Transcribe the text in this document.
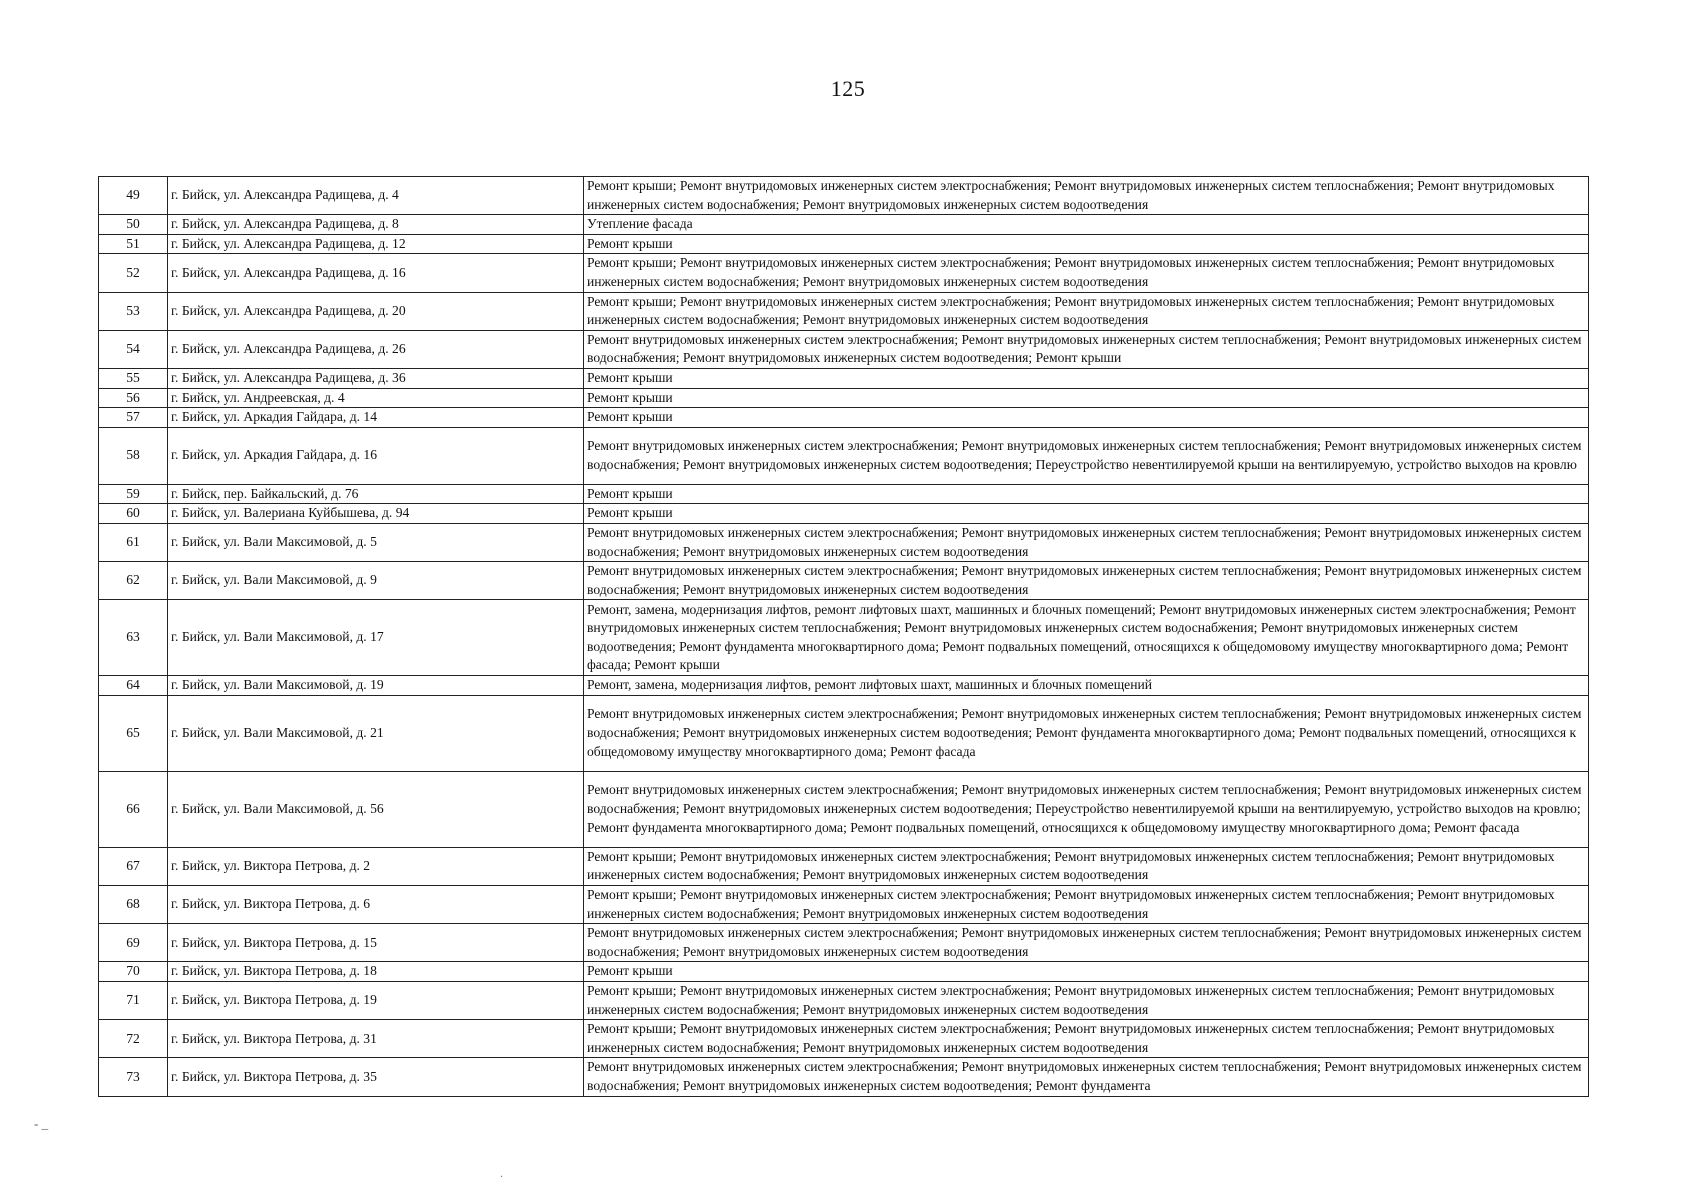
125
49	г. Бийск, ул. Александра Радищева, д. 4	Ремонт крыши; Ремонт внутридомовых инженерных систем электроснабжения; Ремонт внутридомовых инженерных систем теплоснабжения; Ремонт внутридомовых инженерных систем водоснабжения; Ремонт внутридомовых инженерных систем водоотведения
50	г. Бийск, ул. Александра Радищева, д. 8	Утепление фасада
51	г. Бийск, ул. Александра Радищева, д. 12	Ремонт крыши
52	г. Бийск, ул. Александра Радищева, д. 16	Ремонт крыши; Ремонт внутридомовых инженерных систем электроснабжения; Ремонт внутридомовых инженерных систем теплоснабжения; Ремонт внутридомовых инженерных систем водоснабжения; Ремонт внутридомовых инженерных систем водоотведения
53	г. Бийск, ул. Александра Радищева, д. 20	Ремонт крыши; Ремонт внутридомовых инженерных систем электроснабжения; Ремонт внутридомовых инженерных систем теплоснабжения; Ремонт внутридомовых инженерных систем водоснабжения; Ремонт внутридомовых инженерных систем водоотведения
54	г. Бийск, ул. Александра Радищева, д. 26	Ремонт внутридомовых инженерных систем электроснабжения; Ремонт внутридомовых инженерных систем теплоснабжения; Ремонт внутридомовых инженерных систем водоснабжения; Ремонт внутридомовых инженерных систем водоотведения; Ремонт крыши
55	г. Бийск, ул. Александра Радищева, д. 36	Ремонт крыши
56	г. Бийск, ул. Андреевская, д. 4	Ремонт крыши
57	г. Бийск, ул. Аркадия Гайдара, д. 14	Ремонт крыши
58	г. Бийск, ул. Аркадия Гайдара, д. 16	Ремонт внутридомовых инженерных систем электроснабжения; Ремонт внутридомовых инженерных систем теплоснабжения; Ремонт внутридомовых инженерных систем водоснабжения; Ремонт внутридомовых инженерных систем водоотведения; Переустройство невентилируемой крыши на вентилируемую, устройство выходов на кровлю
59	г. Бийск, пер. Байкальский, д. 76	Ремонт крыши
60	г. Бийск, ул. Валериана Куйбышева, д. 94	Ремонт крыши
61	г. Бийск, ул. Вали Максимовой, д. 5	Ремонт внутридомовых инженерных систем электроснабжения; Ремонт внутридомовых инженерных систем теплоснабжения; Ремонт внутридомовых инженерных систем водоснабжения; Ремонт внутридомовых инженерных систем водоотведения
62	г. Бийск, ул. Вали Максимовой, д. 9	Ремонт внутридомовых инженерных систем электроснабжения; Ремонт внутридомовых инженерных систем теплоснабжения; Ремонт внутридомовых инженерных систем водоснабжения; Ремонт внутридомовых инженерных систем водоотведения
63	г. Бийск, ул. Вали Максимовой, д. 17	Ремонт, замена, модернизация лифтов, ремонт лифтовых шахт, машинных и блочных помещений; Ремонт внутридомовых инженерных систем электроснабжения; Ремонт внутридомовых инженерных систем теплоснабжения; Ремонт внутридомовых инженерных систем водоснабжения; Ремонт внутридомовых инженерных систем водоотведения; Ремонт фундамента многоквартирного дома; Ремонт подвальных помещений, относящихся к общедомовому имуществу многоквартирного дома; Ремонт фасада; Ремонт крыши
64	г. Бийск, ул. Вали Максимовой, д. 19	Ремонт, замена, модернизация лифтов, ремонт лифтовых шахт, машинных и блочных помещений
65	г. Бийск, ул. Вали Максимовой, д. 21	Ремонт внутридомовых инженерных систем электроснабжения; Ремонт внутридомовых инженерных систем теплоснабжения; Ремонт внутридомовых инженерных систем водоснабжения; Ремонт внутридомовых инженерных систем водоотведения; Ремонт фундамента многоквартирного дома; Ремонт подвальных помещений, относящихся к общедомовому имуществу многоквартирного дома; Ремонт фасада
66	г. Бийск, ул. Вали Максимовой, д. 56	Ремонт внутридомовых инженерных систем электроснабжения; Ремонт внутридомовых инженерных систем теплоснабжения; Ремонт внутридомовых инженерных систем водоснабжения; Ремонт внутридомовых инженерных систем водоотведения; Переустройство невентилируемой крыши на вентилируемую, устройство выходов на кровлю; Ремонт фундамента многоквартирного дома; Ремонт подвальных помещений, относящихся к общедомовому имуществу многоквартирного дома; Ремонт фасада
67	г. Бийск, ул. Виктора Петрова, д. 2	Ремонт крыши; Ремонт внутридомовых инженерных систем электроснабжения; Ремонт внутридомовых инженерных систем теплоснабжения; Ремонт внутридомовых инженерных систем водоснабжения; Ремонт внутридомовых инженерных систем водоотведения
68	г. Бийск, ул. Виктора Петрова, д. 6	Ремонт крыши; Ремонт внутридомовых инженерных систем электроснабжения; Ремонт внутридомовых инженерных систем теплоснабжения; Ремонт внутридомовых инженерных систем водоснабжения; Ремонт внутридомовых инженерных систем водоотведения
69	г. Бийск, ул. Виктора Петрова, д. 15	Ремонт внутридомовых инженерных систем электроснабжения; Ремонт внутридомовых инженерных систем теплоснабжения; Ремонт внутридомовых инженерных систем водоснабжения; Ремонт внутридомовых инженерных систем водоотведения
70	г. Бийск, ул. Виктора Петрова, д. 18	Ремонт крыши
71	г. Бийск, ул. Виктора Петрова, д. 19	Ремонт крыши; Ремонт внутридомовых инженерных систем электроснабжения; Ремонт внутридомовых инженерных систем теплоснабжения; Ремонт внутридомовых инженерных систем водоснабжения; Ремонт внутридомовых инженерных систем водоотведения
72	г. Бийск, ул. Виктора Петрова, д. 31	Ремонт крыши; Ремонт внутридомовых инженерных систем электроснабжения; Ремонт внутридомовых инженерных систем теплоснабжения; Ремонт внутридомовых инженерных систем водоснабжения; Ремонт внутридомовых инженерных систем водоотведения
73	г. Бийск, ул. Виктора Петрова, д. 35	Ремонт внутридомовых инженерных систем электроснабжения; Ремонт внутридомовых инженерных систем теплоснабжения; Ремонт внутридомовых инженерных систем водоснабжения; Ремонт внутридомовых инженерных систем водоотведения; Ремонт фундамента
- _
.
